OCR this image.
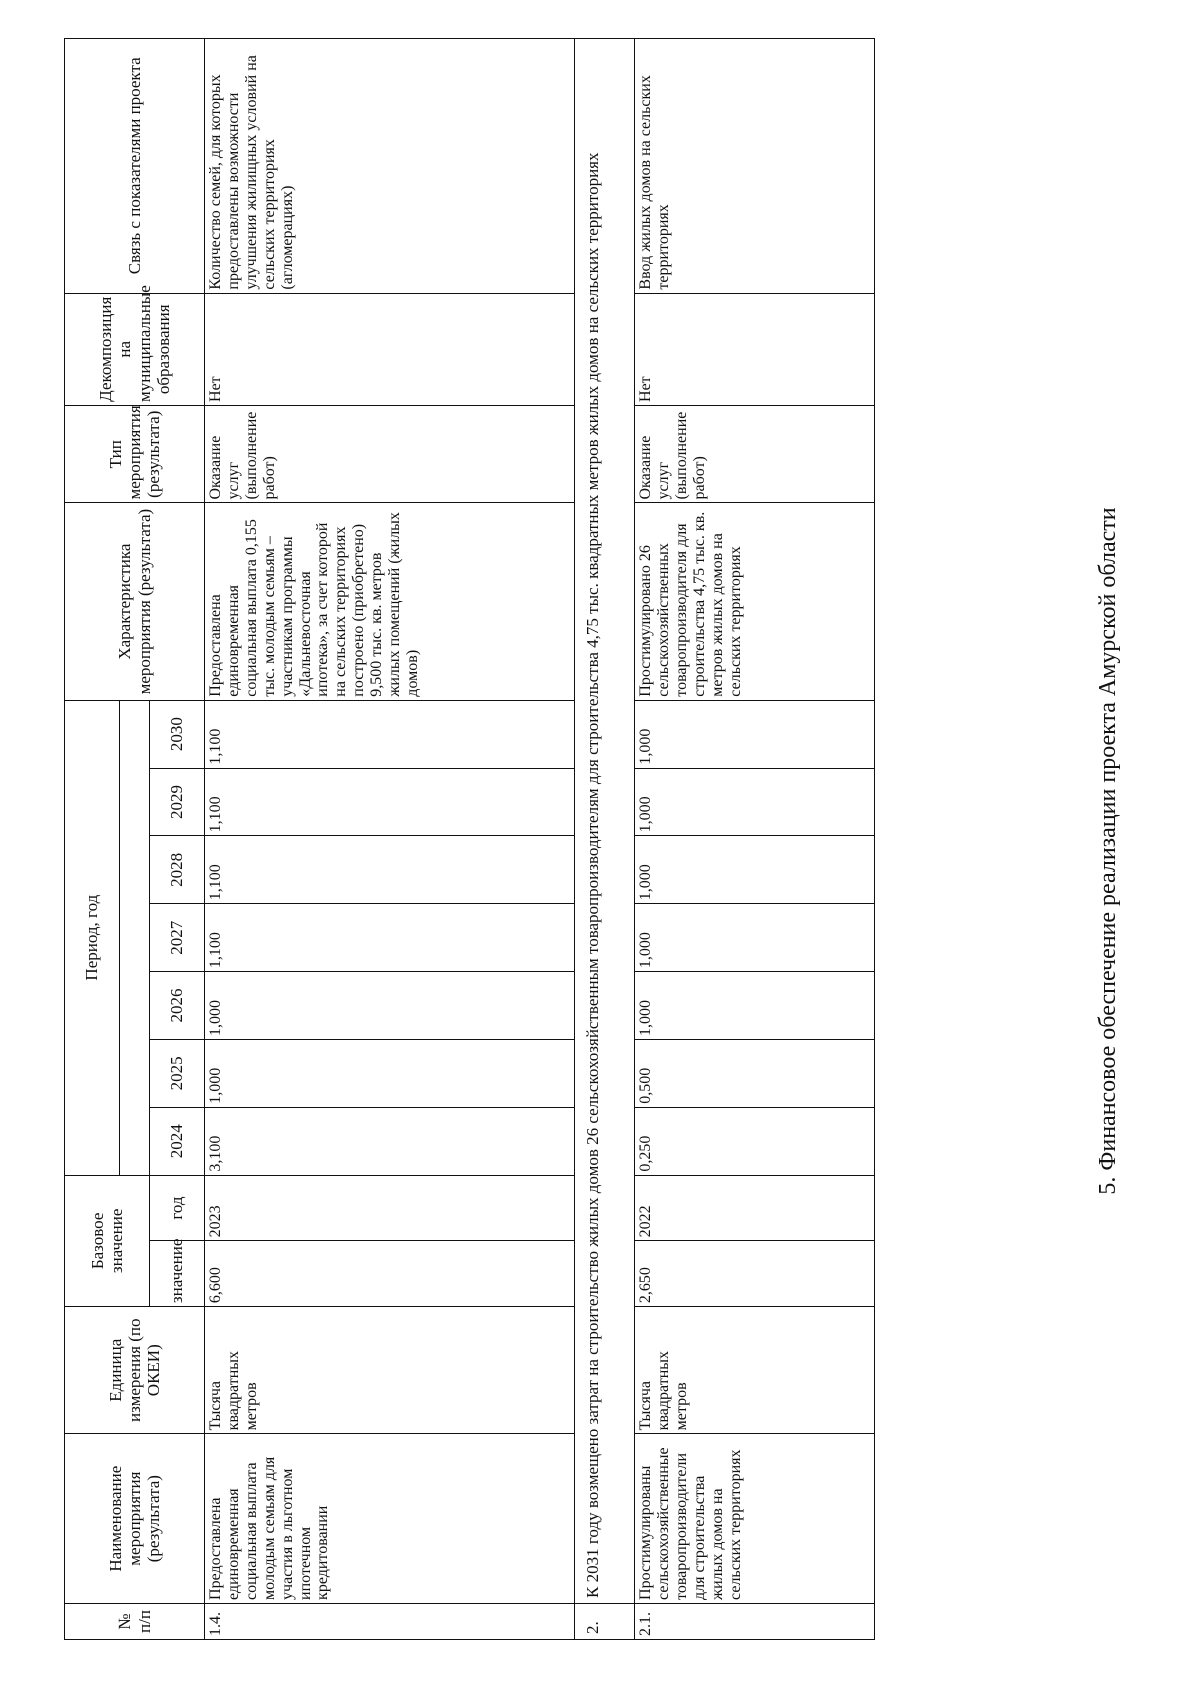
№ п/п	Наименование мероприятия (результата)	Единица измерения (по ОКЕИ)	Базовое значение		Период, год							Характеристика мероприятия (результата)	Тип мероприятия (результата)	Декомпозиция на муниципальные образования	Связь с показателями проекта

			значение	год	2024	2025	2026	2027	2028	2029	2030				
1.4.	Предоставлена единовременная социальная выплата молодым семьям для участия в льготном ипотечном кредитовании	Тысяча квадратных метров	6,600	2023	3,100	1,000	1,000	1,100	1,100	1,100	1,100	Предоставлена единовременная социальная выплата 0,155 тыс. молодым семьям – участникам программы «Дальневосточная ипотека», за счет которой на сельских территориях построено (приобретено) 9,500 тыс. кв. метров жилых помещений (жилых домов)	Оказание услуг (выполнение работ)	Нет	Количество семей, для которых предоставлены возможности улучшения жилищных условий на сельских территориях (агломерациях)
2.	К 2031 году возмещено затрат на строительство жилых домов 26 сельскохозяйственным товаропроизводителям для строительства 4,75 тыс. квадратных метров жилых домов на сельских территориях														
2.1.	Простимулированы сельскохозяйственные товаропроизводители для строительства жилых домов на сельских территориях	Тысяча квадратных метров	2,650	2022	0,250	0,500	1,000	1,000	1,000	1,000	1,000	Простимулировано 26 сельскохозяйственных товаропроизводителя для строительства 4,75 тыс. кв. метров жилых домов на сельских территориях	Оказание услуг (выполнение работ)	Нет	Ввод жилых домов на сельских территориях
5. Финансовое обеспечение реализации проекта Амурской области
